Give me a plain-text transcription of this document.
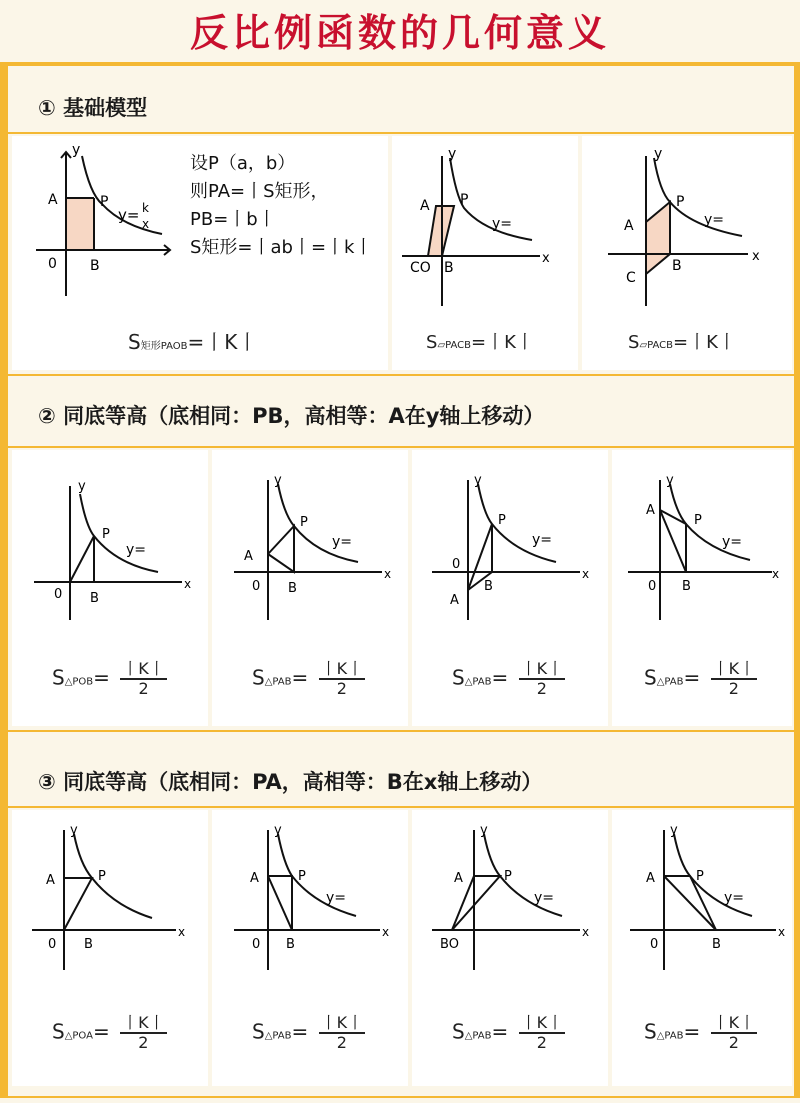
反比例函数的几何意义
① 基础模型
y
A
0 B
P
y= k
x
设P（a，b）
则PA=丨S矩形，
PB=丨b丨
S矩形=丨ab丨=丨k丨
S矩形PAOB=丨K丨
y
A P
CO B
x
y=
S▱PACB=丨K丨
y
A
P
C
B
x
y=
S▱PACB=丨K丨
② 同底等高（底相同：PB，高相等：A在y轴上移动）
y
0 B
P
x
y=
S△POB= $\frac{\text{丨K丨}}{2}$
y
A
0 B
P
x
y=
S△PAB= $\frac{\text{丨K丨}}{2}$
y
0
A
B
P
x
y=
S△PAB= $\frac{\text{丨K丨}}{2}$
y
A
0 B
P
x
y=
S△PAB= $\frac{\text{丨K丨}}{2}$
③ 同底等高（底相同：PA，高相等：B在x轴上移动）
y
A	P
0 B
x
S△POA= $\frac{\text{丨K丨}}{2}$
y
A	P
0 B
x
y=
S△PAB= $\frac{\text{丨K丨}}{2}$
y
A	P
BO
x
y=
S△PAB= $\frac{\text{丨K丨}}{2}$
y
A	P
0	B
x
y=
S△PAB= $\frac{\text{丨K丨}}{2}$
